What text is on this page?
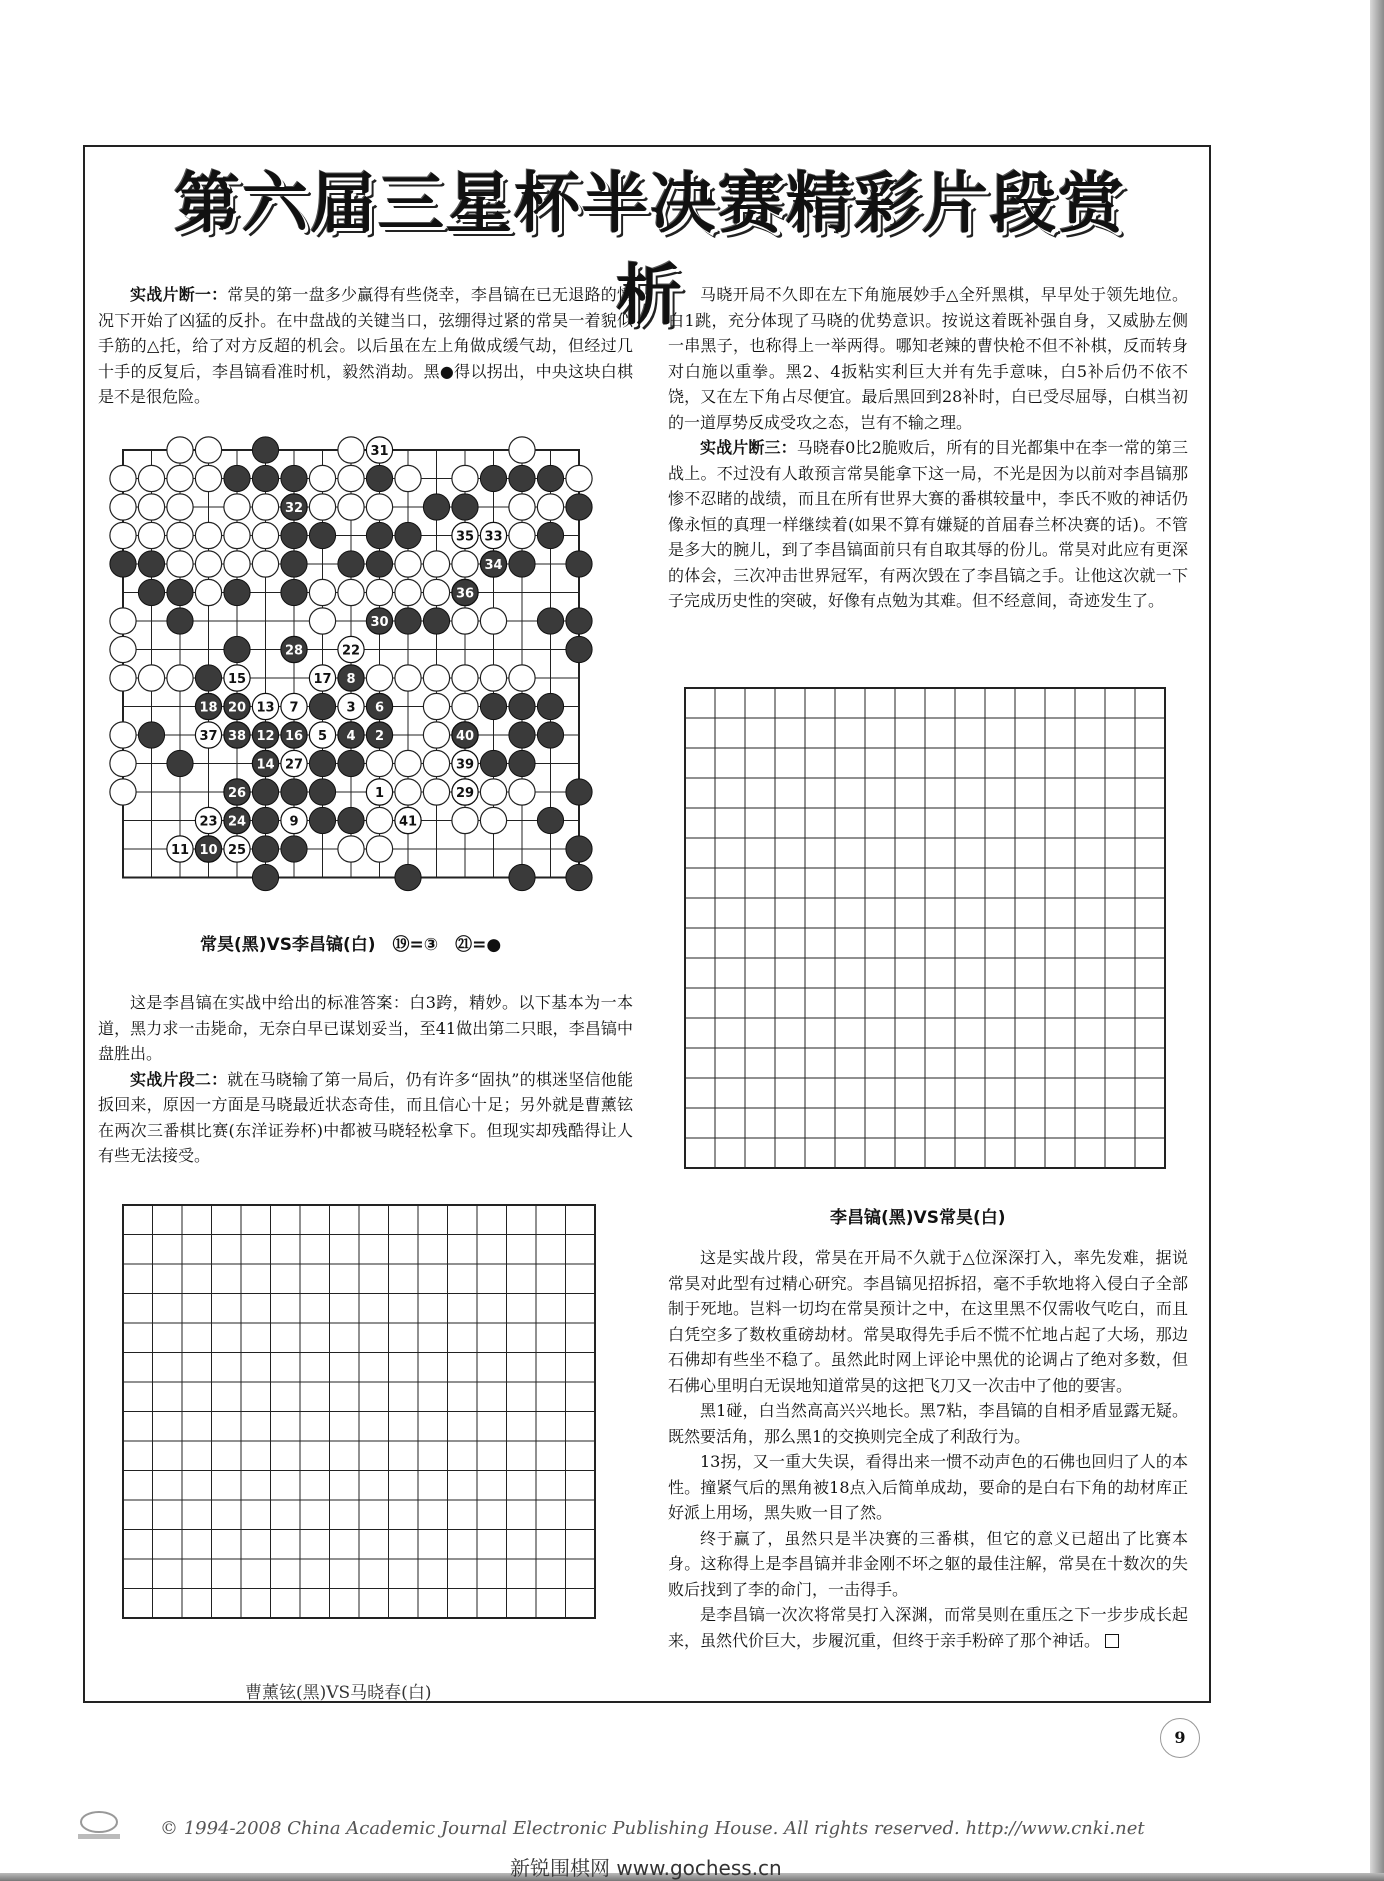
第六届三星杯半决赛精彩片段赏析

实战片断一：常昊的第一盘多少赢得有些侥幸，李昌镐在已无退路的情况下开始了凶猛的反扑。在中盘战的关键当口，弦绷得过紧的常昊一着貌似手筋的△托，给了对方反超的机会。以后虽在左上角做成缓气劫，但经过几十手的反复后，李昌镐看准时机，毅然消劫。黑●得以拐出，中央这块白棋是不是很危险。

31
32
35 33
34
36
30
28	22
15	17 8
18 20 13 7	3 6
37 38 12 16 5 4 2	40
14 27	39
26	1	29
24	9
23	41
11 10 25
常昊(黑)VS李昌镐(白)　⑲=③　㉑=●

这是李昌镐在实战中给出的标准答案：白3跨，精妙。以下基本为一本道，黑力求一击毙命，无奈白早已谋划妥当，至41做出第二只眼，李昌镐中盘胜出。

实战片段二：就在马晓输了第一局后，仍有许多“固执”的棋迷坚信他能扳回来，原因一方面是马晓最近状态奇佳，而且信心十足；另外就是曹薰铉在两次三番棋比赛(东洋证券杯)中都被马晓轻松拿下。但现实却残酷得让人有些无法接受。

曹薰铉(黑)VS马晓春(白)

马晓开局不久即在左下角施展妙手△全歼黑棋，早早处于领先地位。白1跳，充分体现了马晓的优势意识。按说这着既补强自身，又威胁左侧一串黑子，也称得上一举两得。哪知老辣的曹快枪不但不补棋，反而转身对白施以重拳。黑2、4扳粘实利巨大并有先手意味，白5补后仍不依不饶，又在左下角占尽便宜。最后黑回到28补时，白已受尽屈辱，白棋当初的一道厚势反成受攻之态，岂有不输之理。

实战片断三：马晓春0比2脆败后，所有的目光都集中在李一常的第三战上。不过没有人敢预言常昊能拿下这一局，不光是因为以前对李昌镐那惨不忍睹的战绩，而且在所有世界大赛的番棋较量中，李氏不败的神话仍像永恒的真理一样继续着(如果不算有嫌疑的首届春兰杯决赛的话)。不管是多大的腕儿，到了李昌镐面前只有自取其辱的份儿。常昊对此应有更深的体会，三次冲击世界冠军，有两次毁在了李昌镐之手。让他这次就一下子完成历史性的突破，好像有点勉为其难。但不经意间，奇迹发生了。

李昌镐(黑)VS常昊(白)

这是实战片段，常昊在开局不久就于△位深深打入，率先发难，据说常昊对此型有过精心研究。李昌镐见招拆招，毫不手软地将入侵白子全部制于死地。岂料一切均在常昊预计之中，在这里黑不仅需收气吃白，而且白凭空多了数枚重磅劫材。常昊取得先手后不慌不忙地占起了大场，那边石佛却有些坐不稳了。虽然此时网上评论中黑优的论调占了绝对多数，但石佛心里明白无误地知道常昊的这把飞刀又一次击中了他的要害。

黑1碰，白当然高高兴兴地长。黑7粘，李昌镐的自相矛盾显露无疑。既然要活角，那么黑1的交换则完全成了利敌行为。

13拐，又一重大失误，看得出来一惯不动声色的石佛也回归了人的本性。撞紧气后的黑角被18点入后简单成劫，要命的是白右下角的劫材库正好派上用场，黑失败一目了然。

终于赢了，虽然只是半决赛的三番棋，但它的意义已超出了比赛本身。这称得上是李昌镐并非金刚不坏之躯的最佳注解，常昊在十数次的失败后找到了李的命门，一击得手。

是李昌镐一次次将常昊打入深渊，而常昊则在重压之下一步步成长起来，虽然代价巨大，步履沉重，但终于亲手粉碎了那个神话。

9
© 1994-2008 China Academic Journal Electronic Publishing House. All rights reserved. http://www.cnki.net
新锐围棋网 www.gochess.cn
